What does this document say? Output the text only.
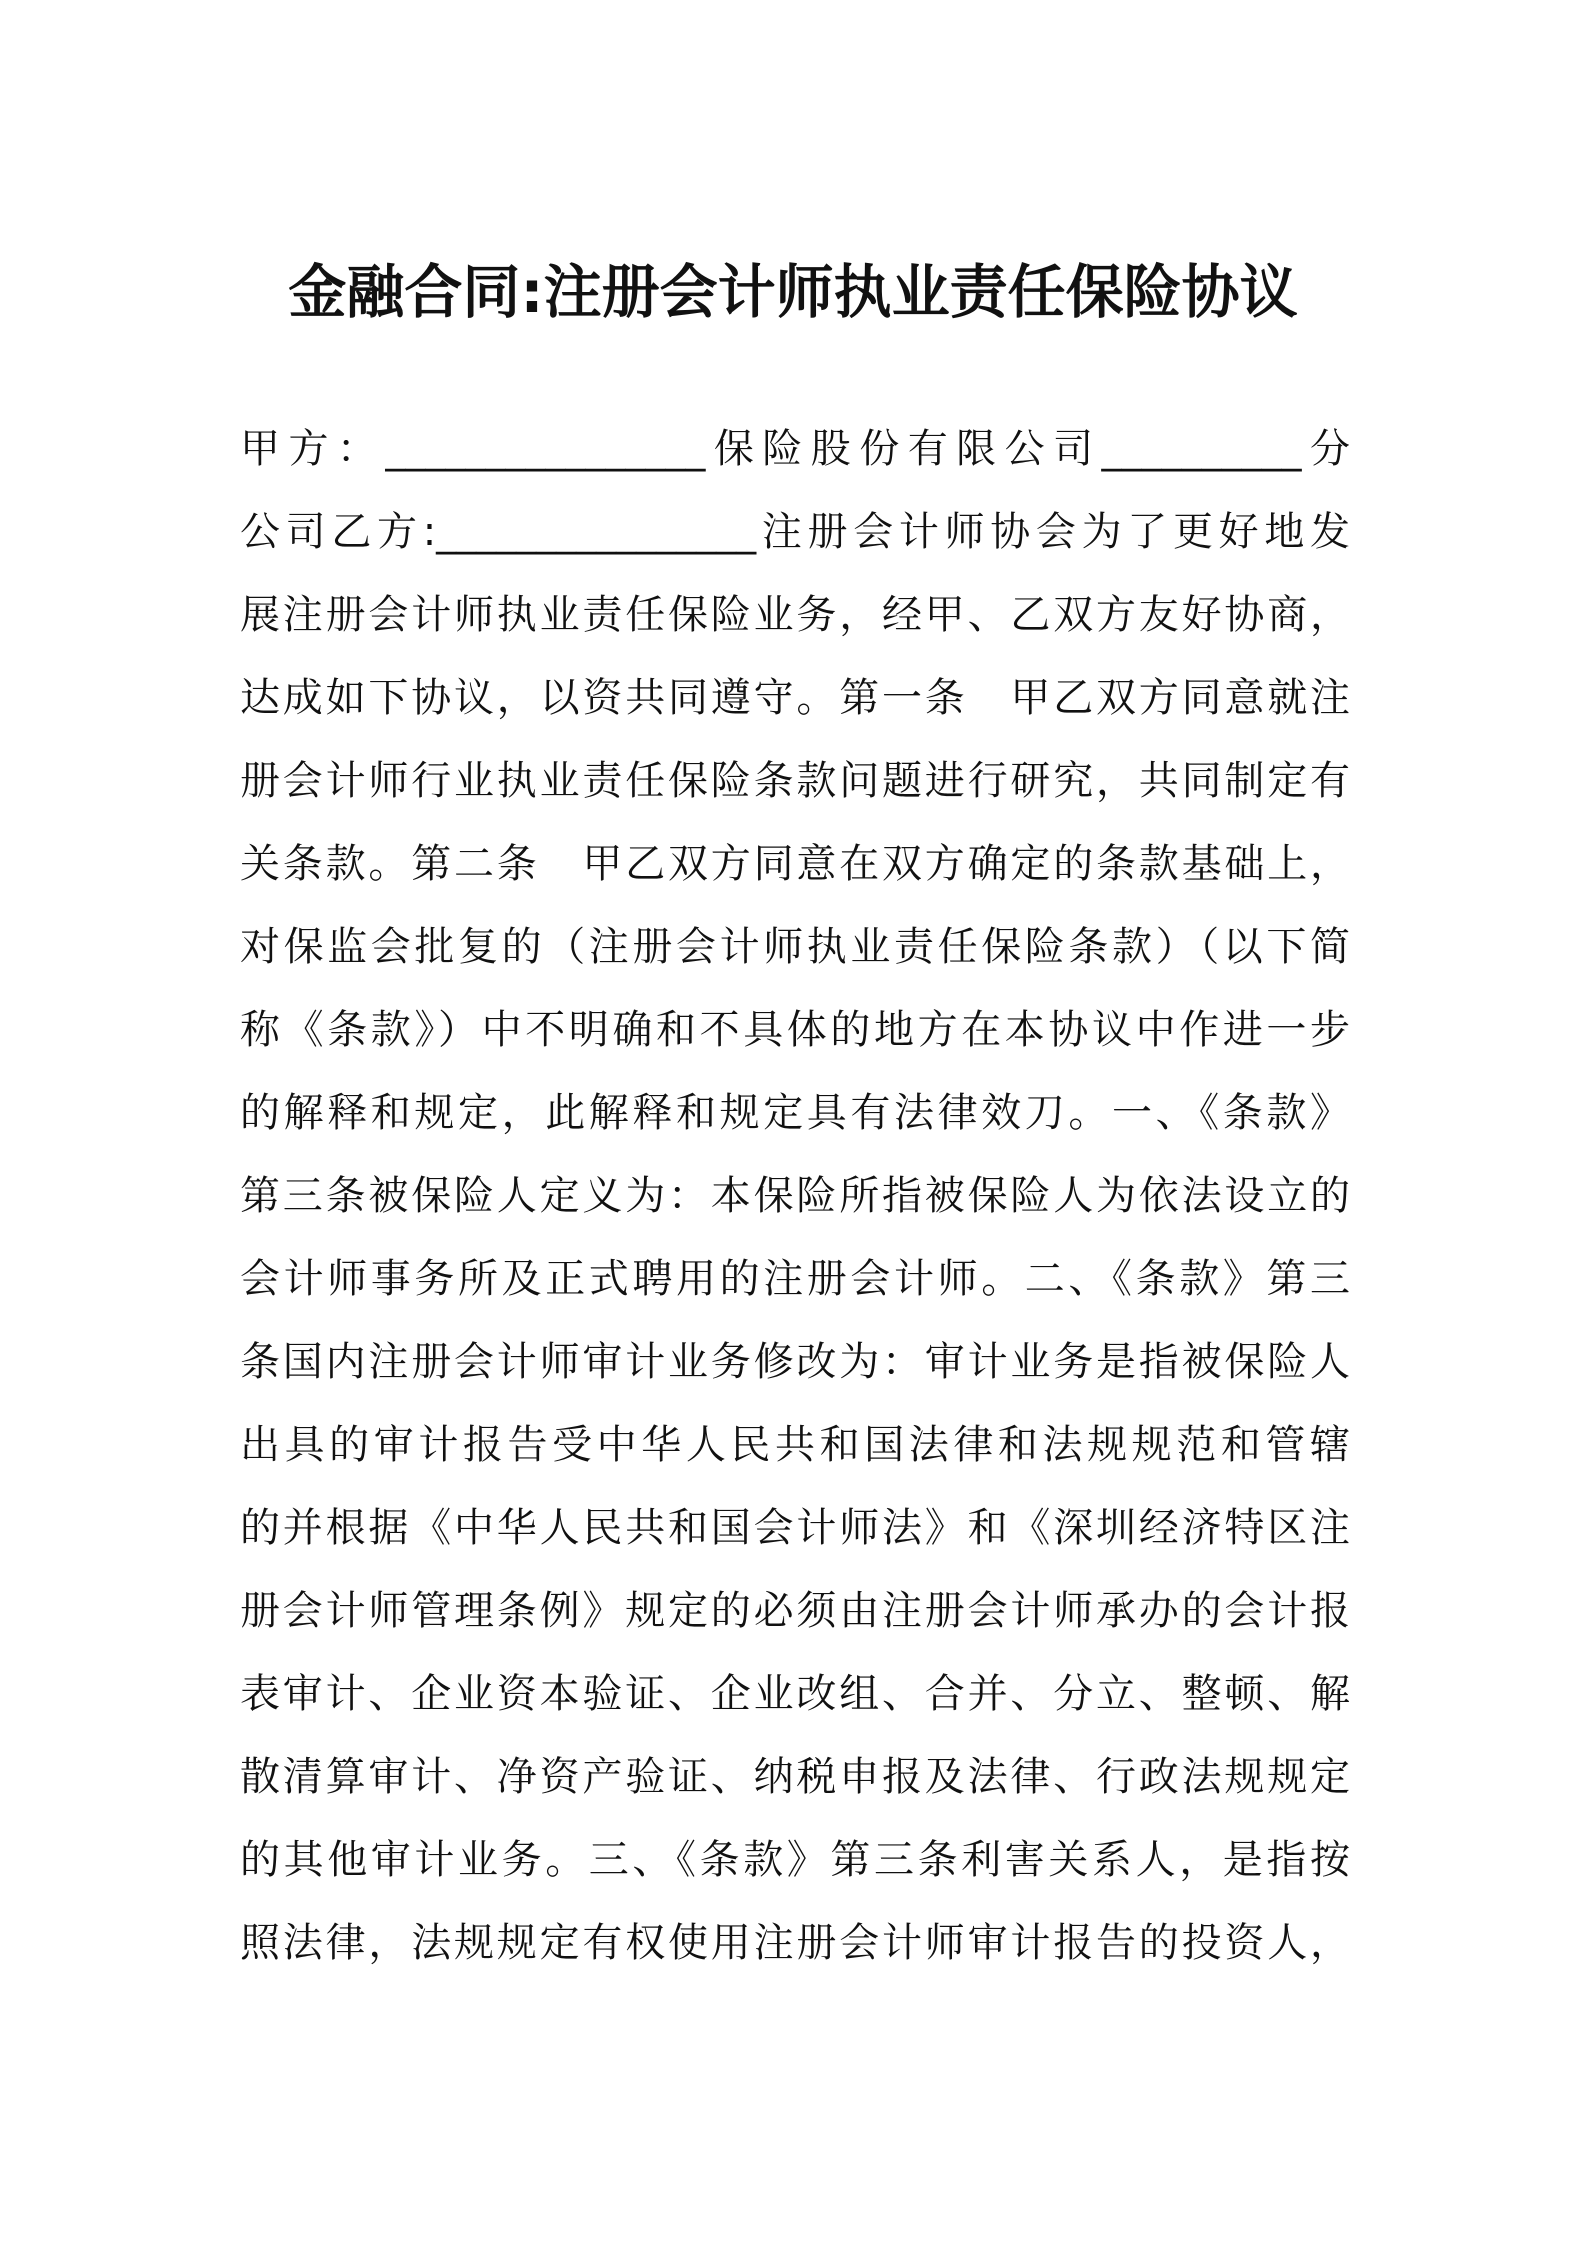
金融合同:注册会计师执业责任保险协议
甲方：________________保险股份有限公司__________分
公司乙方:________________注册会计师协会为了更好地发
展注册会计师执业责任保险业务，经甲、乙双方友好协商，
达成如下协议，以资共同遵守。第一条　甲乙双方同意就注
册会计师行业执业责任保险条款问题进行研究，共同制定有
关条款。第二条　甲乙双方同意在双方确定的条款基础上，
对保监会批复的（注册会计师执业责任保险条款）（以下简
称《条款》）中不明确和不具体的地方在本协议中作进一步
的解释和规定，此解释和规定具有法律效刀。一、《条款》
第三条被保险人定义为：本保险所指被保险人为依法设立的
会计师事务所及正式聘用的注册会计师。二、《条款》第三
条国内注册会计师审计业务修改为：审计业务是指被保险人
出具的审计报告受中华人民共和国法律和法规规范和管辖
的并根据《中华人民共和国会计师法》和《深圳经济特区注
册会计师管理条例》规定的必须由注册会计师承办的会计报
表审计、企业资本验证、企业改组、合并、分立、整顿、解
散清算审计、净资产验证、纳税申报及法律、行政法规规定
的其他审计业务。三、《条款》第三条利害关系人，是指按
照法律，法规规定有权使用注册会计师审计报告的投资人，
